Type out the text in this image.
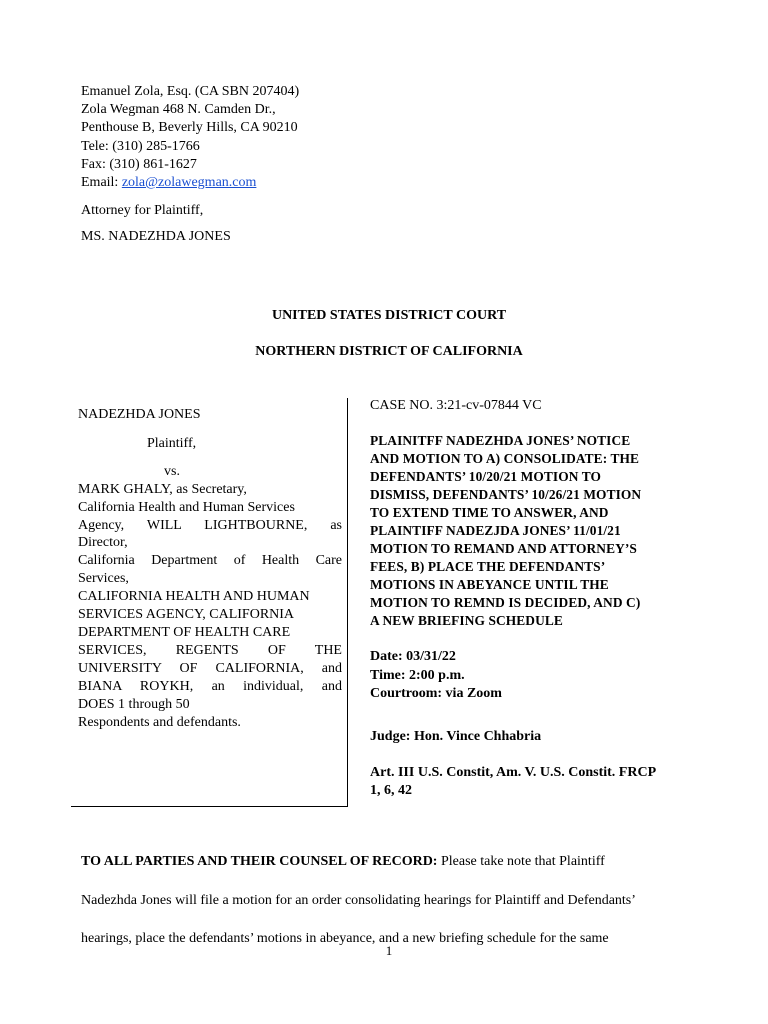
Emanuel Zola, Esq. (CA SBN 207404)
Zola Wegman 468 N. Camden Dr.,
Penthouse B, Beverly Hills, CA 90210
Tele: (310) 285-1766
Fax: (310) 861-1627
Email: zola@zolawegman.com
Attorney for Plaintiff,
MS. NADEZHDA JONES
UNITED STATES DISTRICT COURT
NORTHERN DISTRICT OF CALIFORNIA
NADEZHDA JONES
Plaintiff,
vs.
MARK GHALY, as Secretary,
California Health and Human Services
Agency, WILL LIGHTBOURNE, as
Director,
California Department of Health Care
Services,
CALIFORNIA HEALTH AND HUMAN
SERVICES AGENCY, CALIFORNIA
DEPARTMENT OF HEALTH CARE
SERVICES, REGENTS OF THE
UNIVERSITY OF CALIFORNIA, and
BIANA ROYKH, an individual, and
DOES 1 through 50
Respondents and defendants.
CASE NO. 3:21-cv-07844 VC
PLAINITFF NADEZHDA JONES’ NOTICE
AND MOTION TO A) CONSOLIDATE: THE
DEFENDANTS’ 10/20/21 MOTION TO
DISMISS, DEFENDANTS’ 10/26/21 MOTION
TO EXTEND TIME TO ANSWER, AND
PLAINTIFF NADEZJDA JONES’ 11/01/21
MOTION TO REMAND AND ATTORNEY’S
FEES, B) PLACE THE DEFENDANTS’
MOTIONS IN ABEYANCE UNTIL THE
MOTION TO REMND IS DECIDED, AND C)
A NEW BRIEFING SCHEDULE
Date: 03/31/22
Time: 2:00 p.m.
Courtroom: via Zoom
Judge: Hon. Vince Chhabria
Art. III U.S. Constit, Am. V. U.S. Constit. FRCP
1, 6, 42
TO ALL PARTIES AND THEIR COUNSEL OF RECORD: Please take note that Plaintiff
Nadezhda Jones will file a motion for an order consolidating hearings for Plaintiff and Defendants’
hearings, place the defendants’ motions in abeyance, and a new briefing schedule for the same
1
